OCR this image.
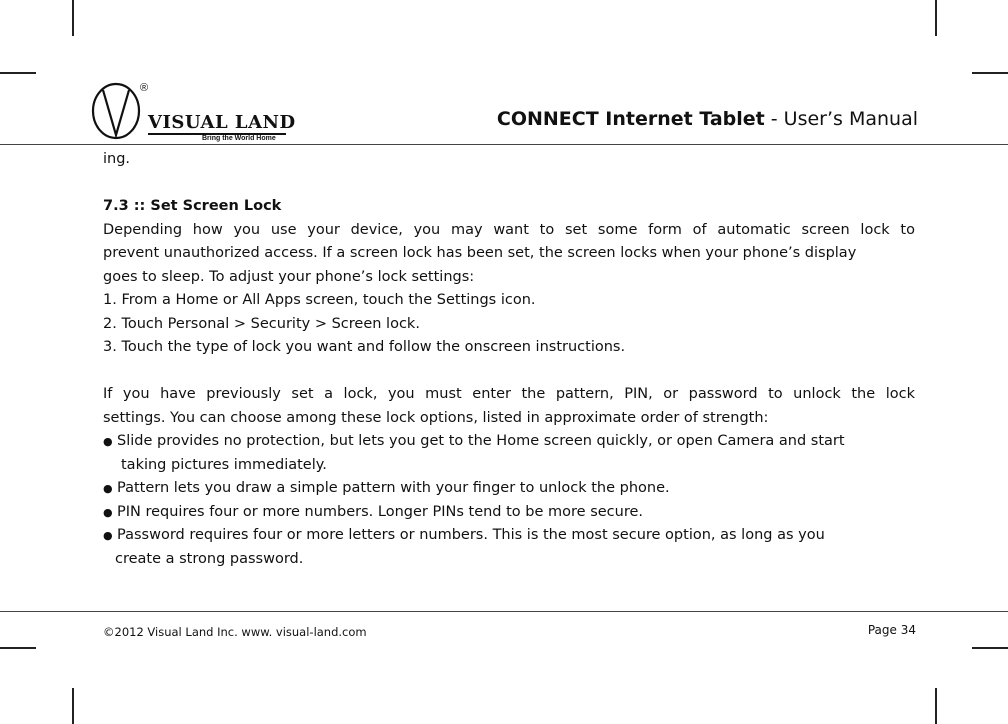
®
VISUAL LAND
Bring the World Home
CONNECT Internet Tablet - User’s Manual

ing.

7.3 :: Set Screen Lock

Depending how you use your device, you may want to set some form of automatic screen lock to

prevent unauthorized access. If a screen lock has been set, the screen locks when your phone’s display

goes to sleep. To adjust your phone’s lock settings:

1. From a Home or All Apps screen, touch the Settings icon.

2. Touch Personal > Security > Screen lock.

3. Touch the type of lock you want and follow the onscreen instructions.

If you have previously set a lock, you must enter the pattern, PIN, or password to unlock the lock

settings. You can choose among these lock options, listed in approximate order of strength:

● Slide provides no protection, but lets you get to the Home screen quickly, or open Camera and start

taking pictures immediately.

● Pattern lets you draw a simple pattern with your finger to unlock the phone.

● PIN requires four or more numbers. Longer PINs tend to be more secure.

● Password requires four or more letters or numbers. This is the most secure option, as long as you

create a strong password.

©2012 Visual Land Inc. www. visual-land.com	Page 34
